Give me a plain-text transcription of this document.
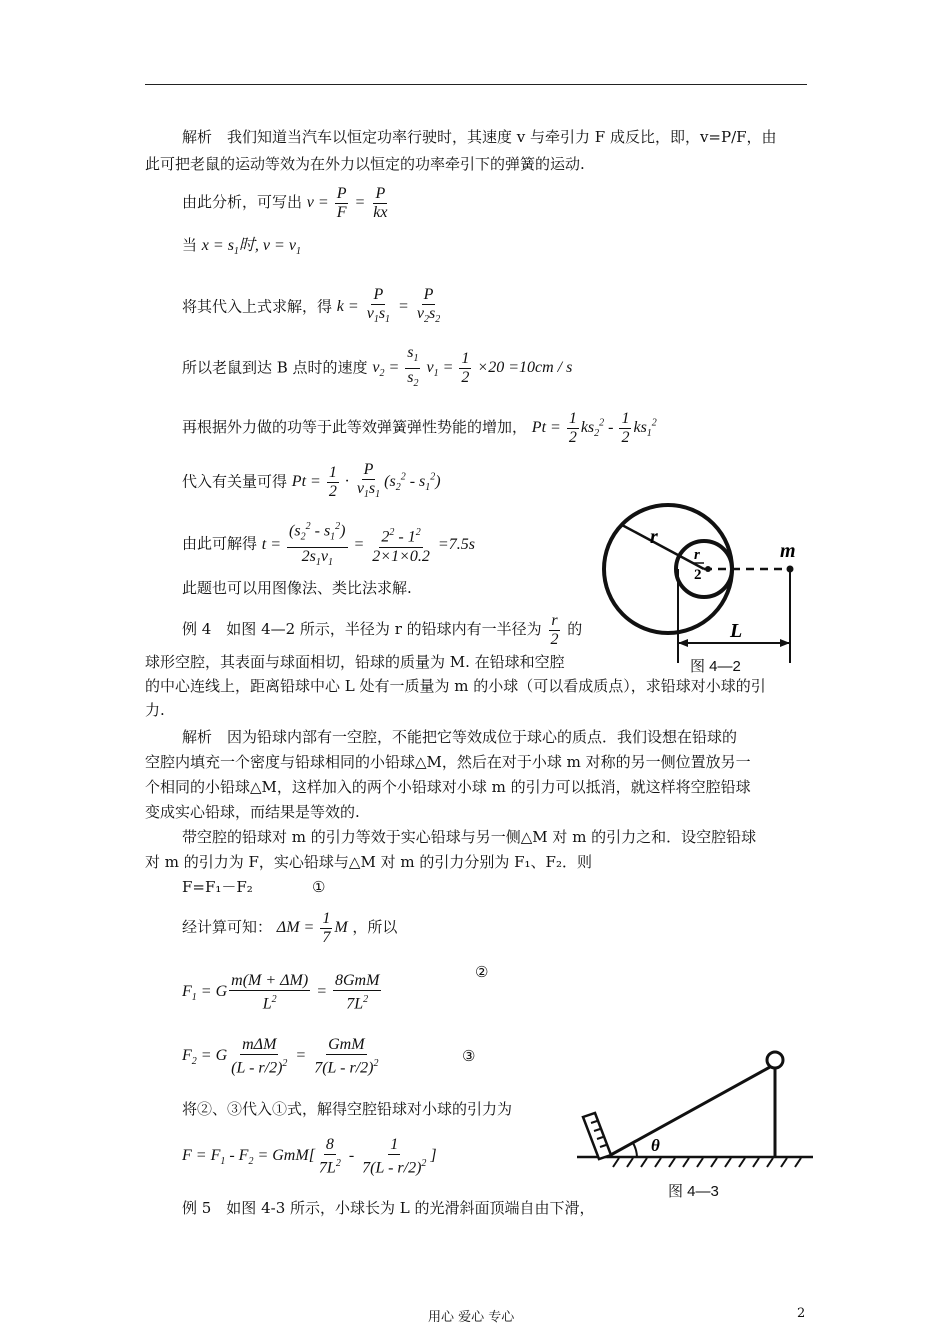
解析　我们知道当汽车以恒定功率行驶时，其速度 v 与牵引力 F 成反比，即，v=P/F，由
此可把老鼠的运动等效为在外力以恒定的功率牵引下的弹簧的运动.
由此分析，可写出 $v = \frac{P}{F} = \frac{P}{kx}$
当 $x = s_1$时, $v = v_1$
将其代入上式求解，得 $k = \frac{P}{v_1s_1} = \frac{P}{v_2s_2}$
所以老鼠到达 B 点时的速度 $v_2 = \frac{s_1}{s_2} v_1 = \frac{1}{2} \times 20 =10cm / s$
再根据外力做的功等于此等效弹簧弹性势能的增加， $Pt = \frac{1}{2} ks_2^2 - \frac{1}{2} ks_1^2$
代入有关量可得 $Pt = \frac{1}{2} \cdot \frac{P}{v_1s_1} (s_2^2 - s_1^2)$
由此可解得 $t = \frac{(s_2^2 - s_1^2)}{2s_1v_1} = \frac{2^2 - 1^2}{2\times 1\times 0.2} =7.5s$
此题也可以用图像法、类比法求解.
例 4　如图 4—2 所示，半径为 r 的铅球内有一半径为 $\frac{r}{2}$ 的
球形空腔，其表面与球面相切，铅球的质量为 M. 在铅球和空腔
的中心连线上，距离铅球中心 L 处有一质量为 m 的小球（可以看成质点），求铅球对小球的引
力.
解析　因为铅球内部有一空腔，不能把它等效成位于球心的质点．我们设想在铅球的
空腔内填充一个密度与铅球相同的小铅球△M，然后在对于小球 m 对称的另一侧位置放另一
个相同的小铅球△M，这样加入的两个小铅球对小球 m 的引力可以抵消，就这样将空腔铅球
变成实心铅球，而结果是等效的.
带空腔的铅球对 m 的引力等效于实心铅球与另一侧△M 对 m 的引力之和．设空腔铅球
对 m 的引力为 F，实心铅球与△M 对 m 的引力分别为 F₁、F₂．则
F=F₁－F₂	①
经计算可知： $\Delta M = \frac{1}{7}$ M ，所以
$F_1 = G \frac{m(M + \Delta M)}{L^2} = \frac{\text{8GmM}}{7L^2}$	②
$F_2 = G \frac{\text{mΔM}}{(L - r/2)^2} = \frac{\text{GmM}}{7(L - r/2)^2}$	③
将②、③代入①式，解得空腔铅球对小球的引力为
$F = F_1 - F_2 = GmM[ \frac{8}{7L^2} - \frac{1}{7(L - r/2)^2}$ ]
例 5　如图 4-3 所示，小球长为 L 的光滑斜面顶端自由下滑，
r
r
2
m
L
图 4—2
θ
图 4—3
用心 爱心 专心	2
